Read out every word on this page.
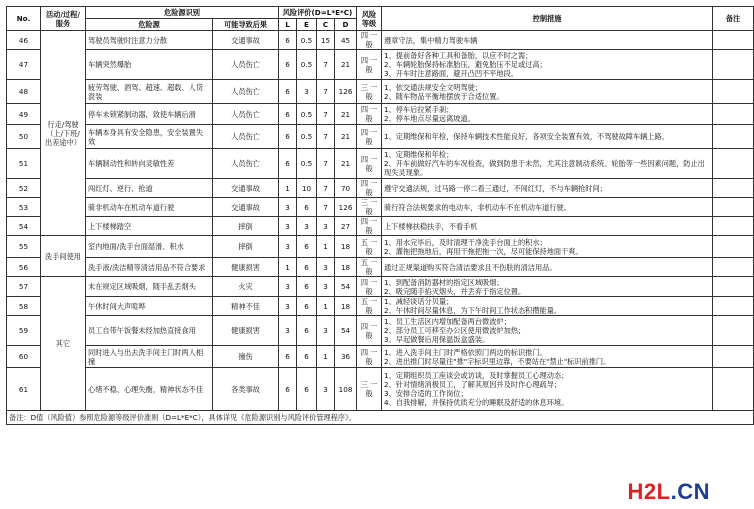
No.	活动/过程/服务	危险源识别		风险评价(D=L*E*C)				风险等级	控制措施	备注
		危险源	可能导致后果	L	E	C	D			
46	行走/驾驶（上/下班/出差途中）	驾驶员驾驶时注意力分散	交通事故	6	0.5	15	45	四 一般	遵章守法，集中精力驾驶车辆	
47		车辆突然爆胎	人员伤亡	6	0.5	7	21	四 一般	1、提前备好各种工具和备胎，以应不时之需；
2、车辆轮胎保持标准胎压，避免胎压不足或过高；
3、开车时注意路面，避开凸凹不平地段。	
48		疲劳驾驶、酒驾、超速、超载、人货混装	人员伤亡	6	3	7	126	三 一般	1、依交通法规安全文明驾驶；
2、随车物品平衡地摆放于合适位置。	
49		停车未锁紧制动器，致使车辆后滑	人员伤亡	6	0.5	7	21	四 一般	1、停车后拉紧手刹；
2、停车地点尽量远离坡道。	
50		车辆本身具有安全隐患，安全装置失效	人员伤亡	6	0.5	7	21	四 一般	1、定期维保和年检，保持车辆技术性能良好，各项安全装置有效，不驾驶故障车辆上路。	
51		车辆制动性和转向灵敏性差	人员伤亡	6	0.5	7	21	四 一般	1、定期维保和年检；
2、开车前做好汽车的车况检查，做到防患于未然，尤其注意制动系统、轮胎等一些因素问题，防止出现失灵现象。	
52		闯红灯、逆行、抢道	交通事故	1	10	7	70	四 一般	遵守交通法规，过马路一停二看三通过，不闯红灯，不与车辆抢时间；	
53		骑非机动车在机动车道行驶	交通事故	3	6	7	126	三 一般	骑行符合法规要求的电动车，非机动车不在机动车道行驶。	
54		上下楼梯踏空	摔倒	3	3	3	27	四 一般	上下楼梯扶稳扶手，不看手机	
55	洗手间使用	室内地面/洗手台面湿滑、积水	摔倒	3	6	1	18	五 一般	1、用水完毕后，及时清理干净洗手台面上的积水；
2、灌拖把拖地后，再用干拖把拖一次，尽可能保持地面干爽。	
56		洗手液/洗洁精等清洁用品不符合要求	健康损害	1	6	3	18	五 一般	通过正规渠道购买符合清洁要求且不伤肤的清洁用品。	
57	其它	未在规定区域吸烟，随手乱丢烟头	火灾	3	6	3	54	四 一般	1、到配备消防器材的指定区域吸烟；
2、吸完随手掐灭烟头，并丢弃于指定位置。	
58		午休时间大声喧哗	精神不佳	3	6	1	18	五 一般	1、减轻谈话分贝量；
2、午休时间尽量休息，为下午时间工作状态积攒能量。	
59		员工自带午饭餐未经加热直接食用	健康损害	3	6	3	54	四 一般	1、员工生活区内增加配备两台微波炉；
2、部分员工可移至办公区使用微波炉加热；
3、早起做餐后用保温饭盒盛装。	
60		同时进入与出去洗手间主门时两人相撞	撞伤	6	6	1	36	四 一般	1、进入洗手间主门时严格依照门两边的标识推门。
2、进出推门时尽量往"推"字标识里边靠，不要站在"禁止"标识前推门。	
61		心绪不稳、心理失衡，精神状态不佳	各类事故	6	6	3	108	三 一般	1、定期组织员工座谈会或访谈，及时掌握员工心理动态；
2、针对情绪消极员工，了解其原因并及时作心理疏导；
3、安排合适的工作岗位；
4、自我排解，并保持优质充分的睡眠及舒适的休息环境。	
备注：D值（风险值）参照危险源等级评价准则（D=L*E*C），具体详见《危险源识别与风险评价管理程序》。										
H2L.CN
